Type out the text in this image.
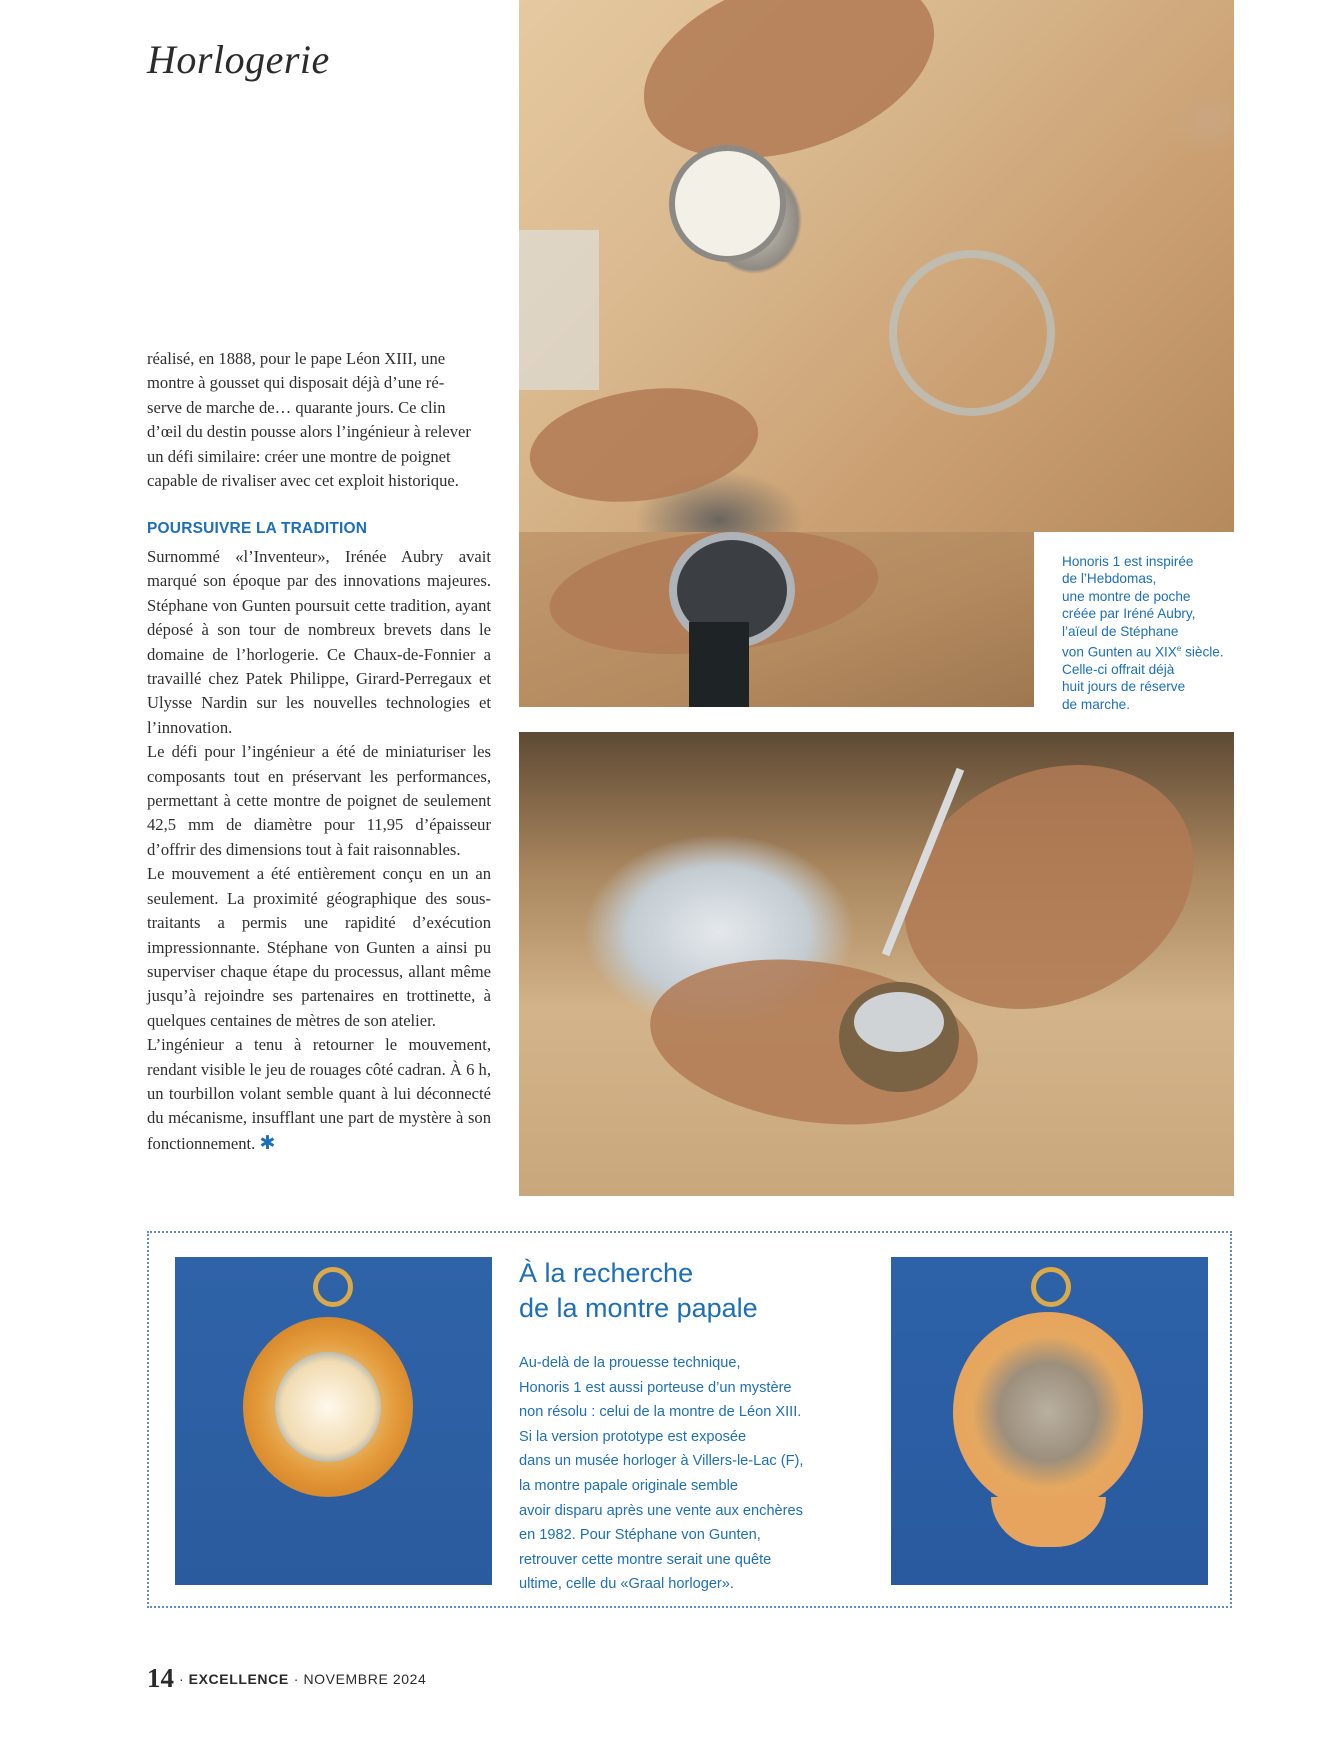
Horlogerie
Honoris 1 est inspirée
de l’Hebdomas,
une montre de poche
créée par Iréné Aubry,
l’aïeul de Stéphane
von Gunten au XIXe siècle.
Celle-ci offrait déjà
huit jours de réserve
de marche.

réalisé, en 1888, pour le pape Léon XIII, une

montre à gousset qui disposait déjà d’une ré-

serve de marche de… quarante jours. Ce clin

d’œil du destin pousse alors l’ingénieur à relever

un défi similaire: créer une montre de poignet

capable de rivaliser avec cet exploit historique.

POURSUIVRE LA TRADITION

Surnommé «l’Inventeur», Irénée Aubry avait marqué son époque par des innovations majeures. Stéphane von Gunten poursuit cette tradition, ayant déposé à son tour de nombreux brevets dans le domaine de l’horlogerie. Ce Chaux-de-Fonnier a travaillé chez Patek Philippe, Girard-Perregaux et Ulysse Nardin sur les nouvelles technologies et l’innovation.

Le défi pour l’ingénieur a été de miniaturiser les composants tout en préservant les performances, permettant à cette montre de poignet de seulement 42,5 mm de diamètre pour 11,95 d’épaisseur d’offrir des dimensions tout à fait raisonnables.

Le mouvement a été entièrement conçu en un an seulement. La proximité géographique des sous-traitants a permis une rapidité d’exécution impressionnante. Stéphane von Gunten a ainsi pu superviser chaque étape du processus, allant même jusqu’à rejoindre ses partenaires en trottinette, à quelques centaines de mètres de son atelier.

L’ingénieur a tenu à retourner le mouvement, rendant visible le jeu de rouages côté cadran. À 6 h, un tourbillon volant semble quant à lui déconnecté du mécanisme, insufflant une part de mystère à son fonctionnement. ✱

À la recherche
de la montre papale
Au-delà de la prouesse technique,
Honoris 1 est aussi porteuse d’un mystère
non résolu : celui de la montre de Léon XIII.
Si la version prototype est exposée
dans un musée horloger à Villers-le-Lac (F),
la montre papale originale semble
avoir disparu après une vente aux enchères
en 1982. Pour Stéphane von Gunten,
retrouver cette montre serait une quête
ultime, celle du «Graal horloger».
14 · EXCELLENCE · NOVEMBRE 2024
